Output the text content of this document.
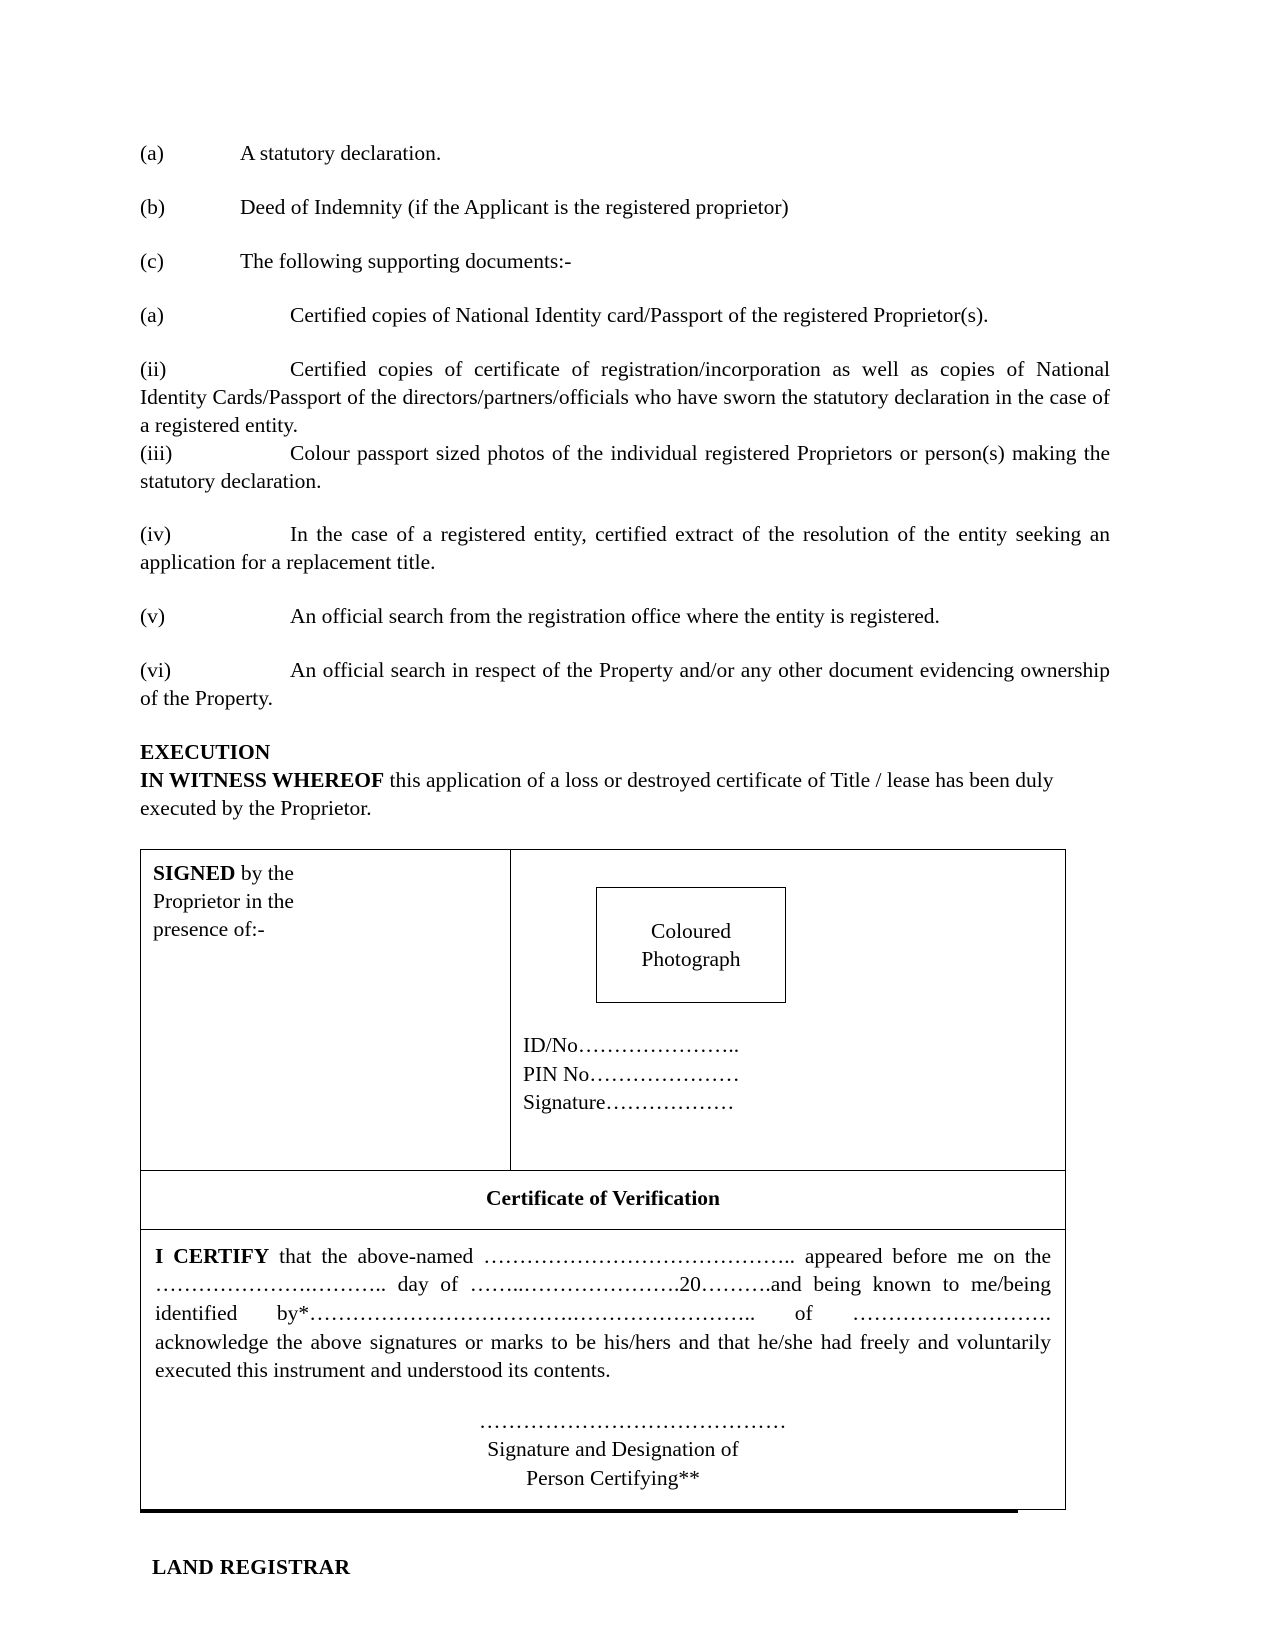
(a)	A statutory declaration.
(b)	Deed of Indemnity (if the Applicant is the registered proprietor)
(c)	The following supporting documents:-
(a)	Certified copies of National Identity card/Passport of the registered Proprietor(s).
(ii)	Certified copies of certificate of registration/incorporation as well as copies of National Identity Cards/Passport of the directors/partners/officials who have sworn the statutory declaration in the case of a registered entity.
(iii)	Colour passport sized photos of the individual registered Proprietors or person(s) making the statutory declaration.
(iv)	In the case of a registered entity, certified extract of the resolution of the entity seeking an application for a replacement title.
(v)	An official search from the registration office where the entity is registered.
(vi)	An official search in respect of the Property and/or any other document evidencing ownership of the Property.
EXECUTION
IN WITNESS WHEREOF this application of a loss or destroyed certificate of Title / lease has been duly executed by the Proprietor.
SIGNED by the
Proprietor in the
presence of:-	Coloured
Photograph
ID/No…………………..
PIN No…………………
Signature………………

Certificate of Verification

I CERTIFY that the above-named …………………………………….. appeared before me on the ………………….……….. day of ……..………………….20……….and being known to me/being identified by*……………………………….…………………….. of ………………………. acknowledge the above signatures or marks to be his/hers and that he/she had freely and voluntarily executed this instrument and understood its contents.

……………………………………
Signature and Designation of
Person Certifying**
LAND REGISTRAR
